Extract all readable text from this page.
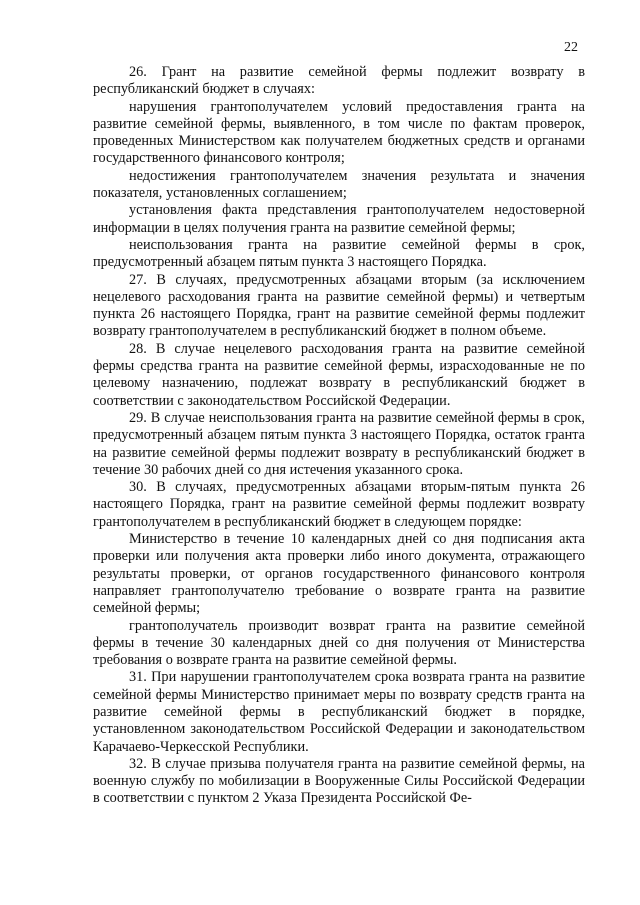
22

26. Грант на развитие семейной фермы подлежит возврату в республиканский бюджет в случаях:

нарушения грантополучателем условий предоставления гранта на развитие семейной фермы, выявленного, в том числе по фактам проверок, проведенных Министерством как получателем бюджетных средств и органами государственного финансового контроля;

недостижения грантополучателем значения результата и значения показателя, установленных соглашением;

установления факта представления грантополучателем недостоверной информации в целях получения гранта на развитие семейной фермы;

неиспользования гранта на развитие семейной фермы в срок, предусмотренный абзацем пятым пункта 3 настоящего Порядка.

27. В случаях, предусмотренных абзацами вторым (за исключением нецелевого расходования гранта на развитие семейной фермы) и четвертым пункта 26 настоящего Порядка, грант на развитие семейной фермы подлежит возврату грантополучателем в республиканский бюджет в полном объеме.

28. В случае нецелевого расходования гранта на развитие семейной фермы средства гранта на развитие семейной фермы, израсходованные не по целевому назначению, подлежат возврату в республиканский бюджет в соответствии с законодательством Российской Федерации.

29. В случае неиспользования гранта на развитие семейной фермы в срок, предусмотренный абзацем пятым пункта 3 настоящего Порядка, остаток гранта на развитие семейной фермы подлежит возврату в республиканский бюджет в течение 30 рабочих дней со дня истечения указанного срока.

30. В случаях, предусмотренных абзацами вторым-пятым пункта 26 настоящего Порядка, грант на развитие семейной фермы подлежит возврату грантополучателем в республиканский бюджет в следующем порядке:

Министерство в течение 10 календарных дней со дня подписания акта проверки или получения акта проверки либо иного документа, отражающего результаты проверки, от органов государственного финансового контроля направляет грантополучателю требование о возврате гранта на развитие семейной фермы;

грантополучатель производит возврат гранта на развитие семейной фермы в течение 30 календарных дней со дня получения от Министерства требования о возврате гранта на развитие семейной фермы.

31. При нарушении грантополучателем срока возврата гранта на развитие семейной фермы Министерство принимает меры по возврату средств гранта на развитие семейной фермы в республиканский бюджет в порядке, установленном законодательством Российской Федерации и законодательством Карачаево-Черкесской Республики.

32. В случае призыва получателя гранта на развитие семейной фермы, на военную службу по мобилизации в Вооруженные Силы Российской Федерации в соответствии с пунктом 2 Указа Президента Российской Фе-
